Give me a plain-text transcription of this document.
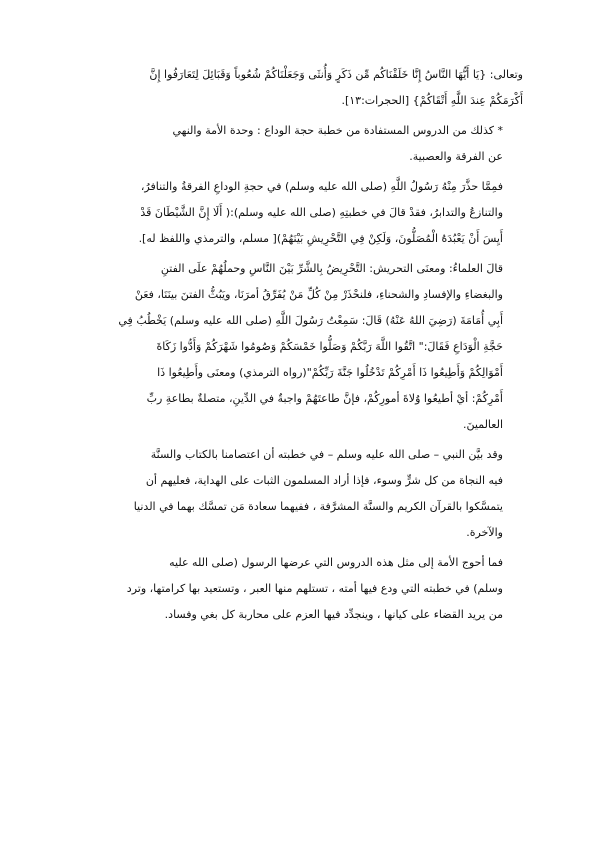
وتعالى: {يَا أَيُّهَا النَّاسُ إِنَّا خَلَقْنَاكُم مِّن ذَكَرٍ وَأُنثَى وَجَعَلْنَاكُمْ شُعُوباً وَقَبَائِلَ لِتَعَارَفُوا إِنَّ
أَكْرَمَكُمْ عِندَ اللَّهِ أَتْقَاكُمْ} [الحجرات:١٣].

* كذلك من الدروس المستفادة من خطبة حجة الوداع : وحدة الأمة والنهي
عن الفرقة والعصبية.

فمِمَّا حذَّرَ مِنْهُ رَسُولُ اللَّهِ (صلى الله عليه وسلم) في حجةِ الوداعِ الفرقةُ والتنافرُ،
والتنازعُ والتدابرُ، فقدْ قالَ في خطبتِهِ (صلى الله عليه وسلم):( أَلَا إِنَّ الشَّيْطَانَ قَدْ
أَيِسَ أَنْ يَعْبُدَهُ الْمُصَلُّونَ، وَلَكِنْ فِي التَّحْرِيشِ بَيْنَهُمْ)[ مسلم، والترمذي واللفظ له].

قالَ العلماءُ: ومعنَى التحريش: التَّحْرِيضُ بِالشَّرِّ بَيْنَ النَّاسِ وحملُهُمْ علَى الفتنِ
والبغضاءِ والإفسادِ والشحناءِ، فلنحْذَرْ مِنْ كُلِّ مَنْ يُفَرِّقُ أمرَنَا، ويَبُثُّ الفتنَ بينَنَا، فعَنْ
أَبِي أُمَامَةَ (رَضِيَ اللهُ عَنْهُ) قَالَ: سَمِعْتُ رَسُولَ اللَّهِ (صلى الله عليه وسلم) يَخْطُبُ فِي
حَجَّةِ الْوَدَاعِ فَقَالَ:" اتَّقُوا اللَّهَ رَبَّكُمْ وَصَلُّوا خَمْسَكُمْ وَصُومُوا شَهْرَكُمْ وَأَدُّوا زَكَاةَ
أَمْوَالِكُمْ وَأَطِيعُوا ذَا أَمْرِكُمْ تَدْخُلُوا جَنَّةَ رَبِّكُمْ"(رواه الترمذي) ومعنَى وأَطِيعُوا ذَا
أَمْرِكُمْ: أيْ أطيعُوا وُلاةَ أمورِكُمْ، فإنَّ طاعتَهُمْ واجبةٌ في الدِّينِ، متصلةٌ بطاعةِ ربِّ
العالمينَ.

وقد بيَّن النبي – صلى الله عليه وسلم – في خطبته أن اعتصامنا بالكتاب والسنَّة
فيه النجاة من كل شرٍّ وسوء، فإذا أراد المسلمون الثبات على الهداية، فعليهم أن
يتمسَّكوا بالقرآن الكريم والسنَّة المشرَّفة ، ففيهما سعادة مَن تمسَّك بهما في الدنيا
والآخرة.

فما أحوج الأمة إلى مثل هذه الدروس التي عرضها الرسول (صلى الله عليه
وسلم) في خطبته التي ودع فيها أمته ، تستلهم منها العبر ، وتستعيد بها كرامتها، وترد
من يريد القضاء على كيانها ، وينجدِّد فيها العزم على محاربة كل بغي وفساد.
